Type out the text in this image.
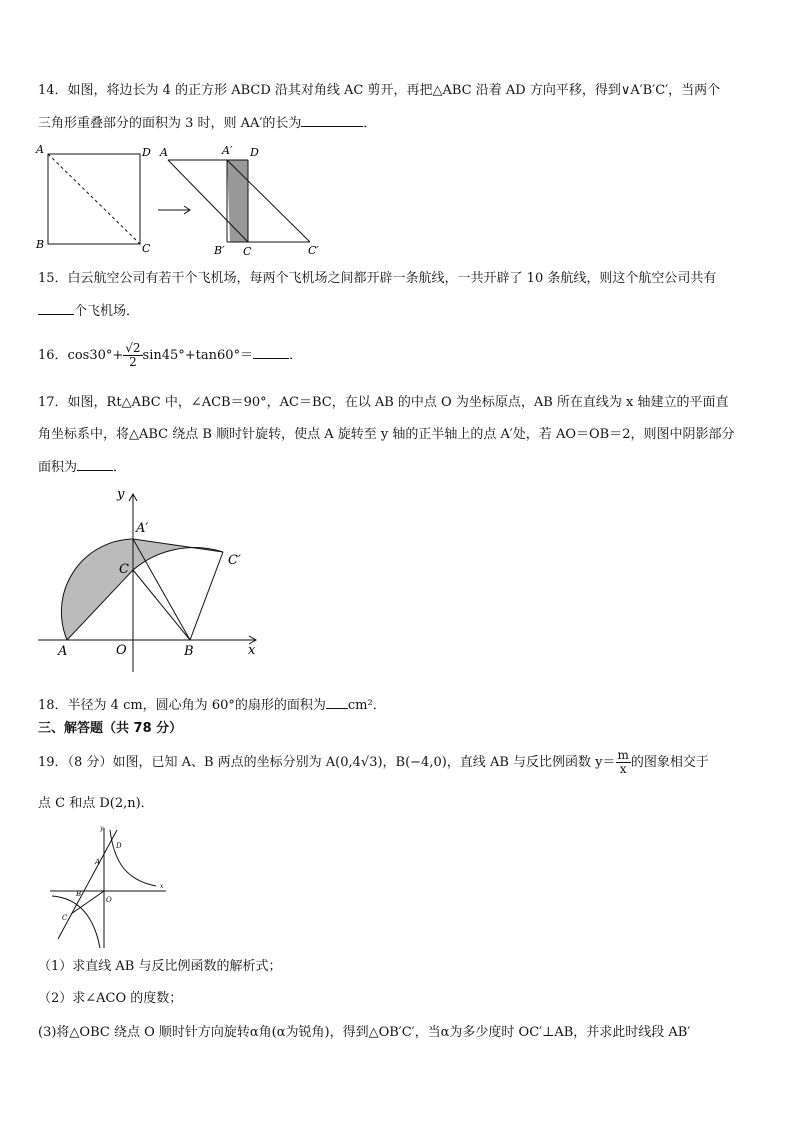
14．如图，将边长为 4 的正方形 ABCD 沿其对角线 AC 剪开，再把△ABC 沿着 AD 方向平移，得到∨A′B′C′，当两个
三角形重叠部分的面积为 3 时，则 AA′的长为	．
A
B	C
D A	A′ D
B′ C	C′
15．白云航空公司有若干个飞机场，每两个飞机场之间都开辟一条航线，一共开辟了 10 条航线，则这个航空公司共有
个飞机场．
16．$\cos 30^\circ+ \frac{√2}{2} \sin 45^\circ+\tan 60^\circ=$	．
17．如图，Rt△ABC 中，∠ACB＝90°，AC＝BC，在以 AB 的中点 O 为坐标原点，AB 所在直线为 x 轴建立的平面直
角坐标系中，将△ABC 绕点 B 顺时针旋转，使点 A 旋转至 y 轴的正半轴上的点 A′处，若 AO＝OB＝2，则图中阴影部分
面积为	．
y
x
A′
C′
C
A	O	B
18．半径为 4 cm，圆心角为 60°的扇形的面积为 cm²．
三、解答题（共 78 分）
19．（8 分）如图，已知 A、B 两点的坐标分别为 A(0,4√3)，B(−4,0)，直线 AB 与反比例函数 $y= \frac{m}{x}$ 的图象相交于
点 C 和点 D(2,n)．
y
x
A
B
C
D
O
（1）求直线 AB 与反比例函数的解析式；
（2）求∠ACO 的度数；
(3)将△OBC 绕点 O 顺时针方向旋转α角(α为锐角)，得到△OB′C′，当α为多少度时 OC′⊥AB，并求此时线段 AB′
